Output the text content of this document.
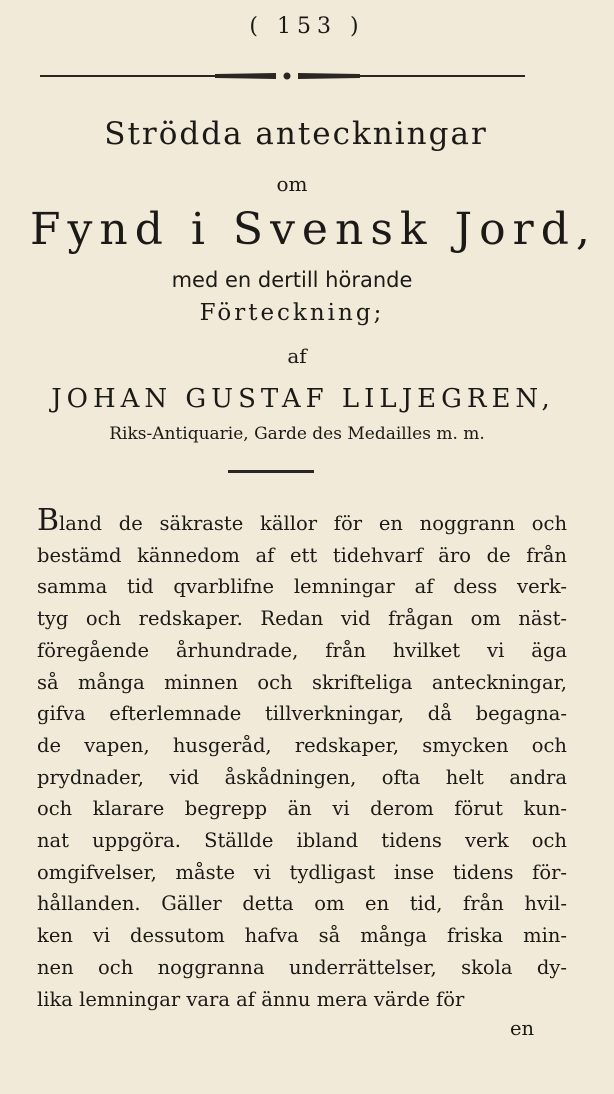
( 153 )
Strödda anteckningar
om
Fynd i Svensk Jord,
med en dertill hörande
Förteckning;
af
JOHAN GUSTAF LILJEGREN,
Riks-Antiquarie, Garde des Medailles m. m.
Bland de säkraste källor för en noggrann och
bestämd kännedom af ett tidehvarf äro de från
samma tid qvarblifne lemningar af dess verk-
tyg och redskaper. Redan vid frågan om näst-
föregående århundrade, från hvilket vi äga
så många minnen och skrifteliga anteckningar,
gifva efterlemnade tillverkningar, då begagna-
de vapen, husgeråd, redskaper, smycken och
prydnader, vid åskådningen, ofta helt andra
och klarare begrepp än vi derom förut kun-
nat uppgöra. Ställde ibland tidens verk och
omgifvelser, måste vi tydligast inse tidens för-
hållanden. Gäller detta om en tid, från hvil-
ken vi dessutom hafva så många friska min-
nen och noggranna underrättelser, skola dy-
lika lemningar vara af ännu mera värde för
en
